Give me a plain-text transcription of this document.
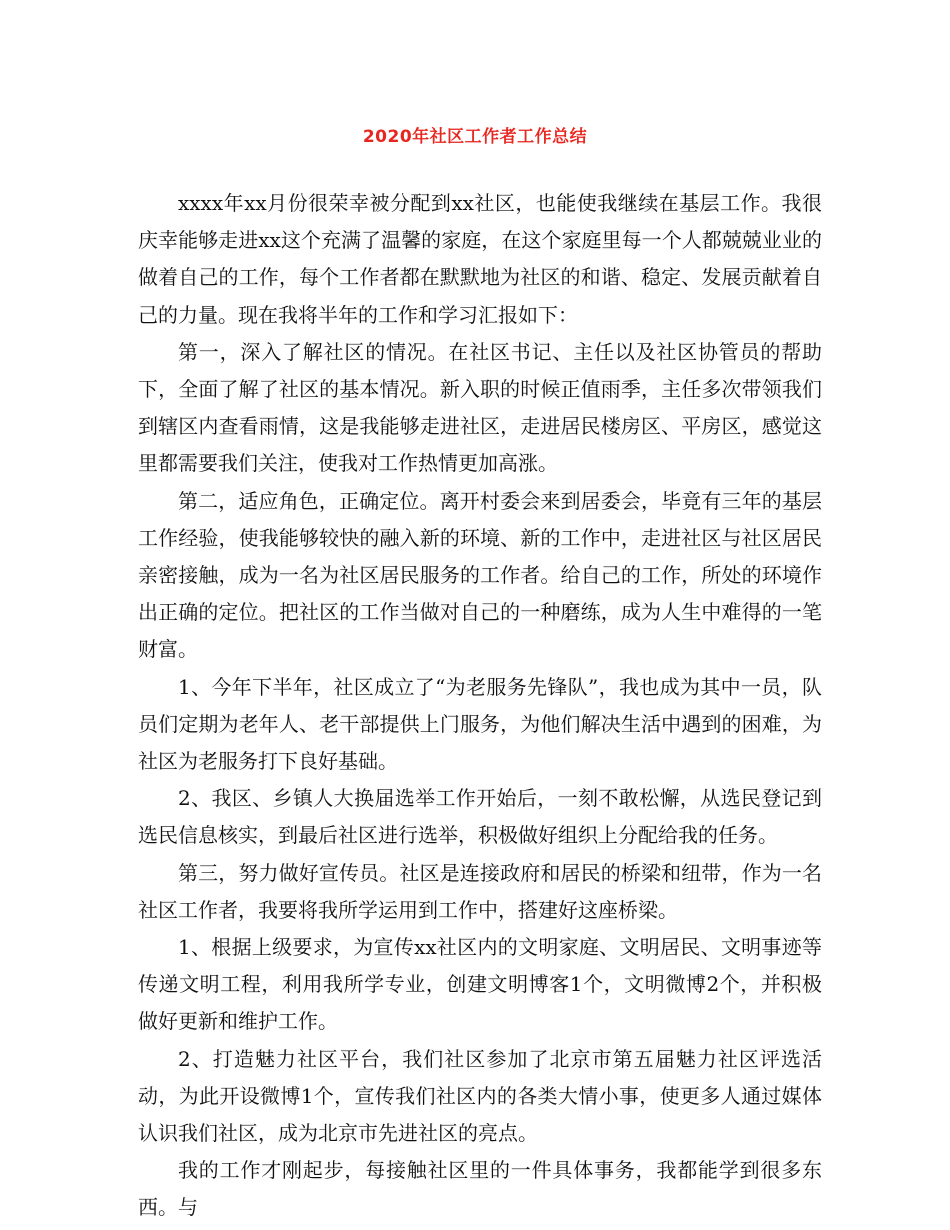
2020年社区工作者工作总结

xxxx年xx月份很荣幸被分配到xx社区，也能使我继续在基层工作。我很庆幸能够走进xx这个充满了温馨的家庭，在这个家庭里每一个人都兢兢业业的做着自己的工作，每个工作者都在默默地为社区的和谐、稳定、发展贡献着自己的力量。现在我将半年的工作和学习汇报如下：

第一，深入了解社区的情况。在社区书记、主任以及社区协管员的帮助下，全面了解了社区的基本情况。新入职的时候正值雨季，主任多次带领我们到辖区内查看雨情，这是我能够走进社区，走进居民楼房区、平房区，感觉这里都需要我们关注，使我对工作热情更加高涨。

第二，适应角色，正确定位。离开村委会来到居委会，毕竟有三年的基层工作经验，使我能够较快的融入新的环境、新的工作中，走进社区与社区居民亲密接触，成为一名为社区居民服务的工作者。给自己的工作，所处的环境作出正确的定位。把社区的工作当做对自己的一种磨练，成为人生中难得的一笔财富。

1、今年下半年，社区成立了“为老服务先锋队”，我也成为其中一员，队员们定期为老年人、老干部提供上门服务，为他们解决生活中遇到的困难，为社区为老服务打下良好基础。

2、我区、乡镇人大换届选举工作开始后，一刻不敢松懈，从选民登记到选民信息核实，到最后社区进行选举，积极做好组织上分配给我的任务。

第三，努力做好宣传员。社区是连接政府和居民的桥梁和纽带，作为一名社区工作者，我要将我所学运用到工作中，搭建好这座桥梁。

1、根据上级要求，为宣传xx社区内的文明家庭、文明居民、文明事迹等传递文明工程，利用我所学专业，创建文明博客1个，文明微博2个，并积极做好更新和维护工作。

2、打造魅力社区平台，我们社区参加了北京市第五届魅力社区评选活动，为此开设微博1个，宣传我们社区内的各类大情小事，使更多人通过媒体认识我们社区，成为北京市先进社区的亮点。

我的工作才刚起步，每接触社区里的一件具体事务，我都能学到很多东西。与
